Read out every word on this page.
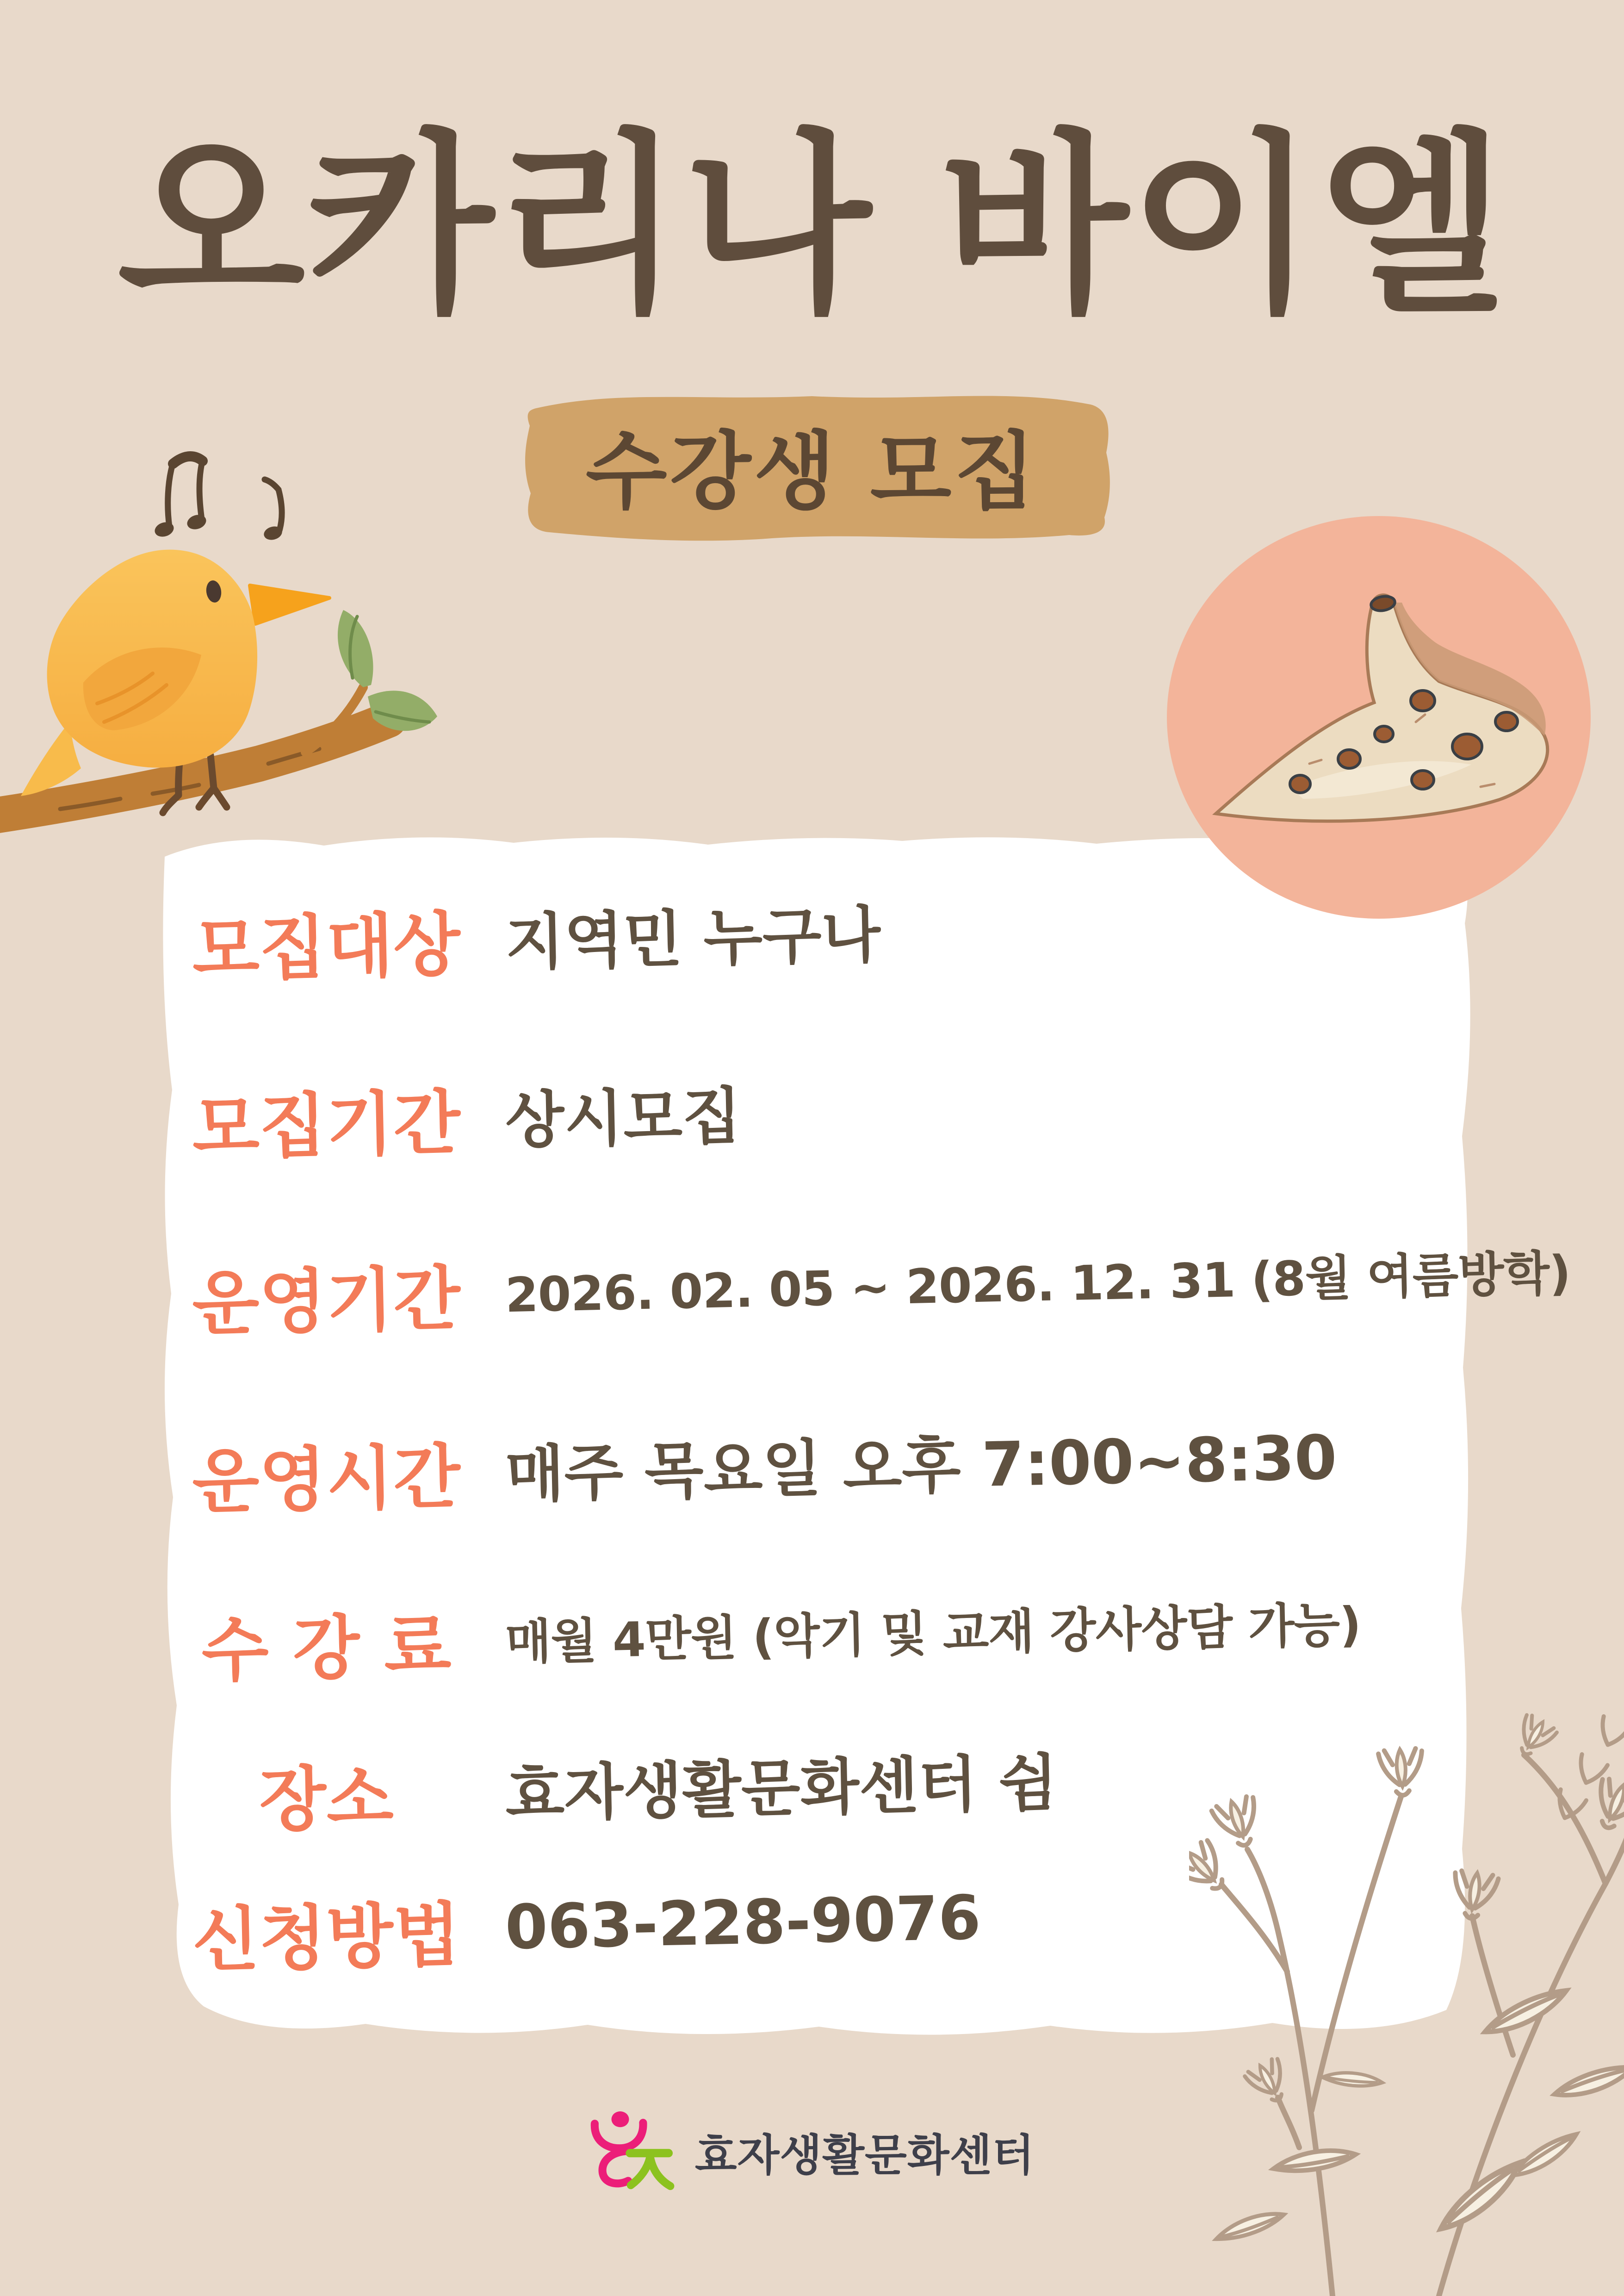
오카리나 바이엘
수강생 모집
모집대상 지역민 누구나
모집기간 상시모집
운영기간 2026. 02. 05 ~ 2026. 12. 31 (8월 여름방학)
운영시간 매주 목요일 오후 7:00~8:30
수 강 료	매월 4만원 (악기 및 교재 강사상담 가능)
장소	효자생활문화센터 쉼
신청방법 063-228-9076
효자생활문화센터
